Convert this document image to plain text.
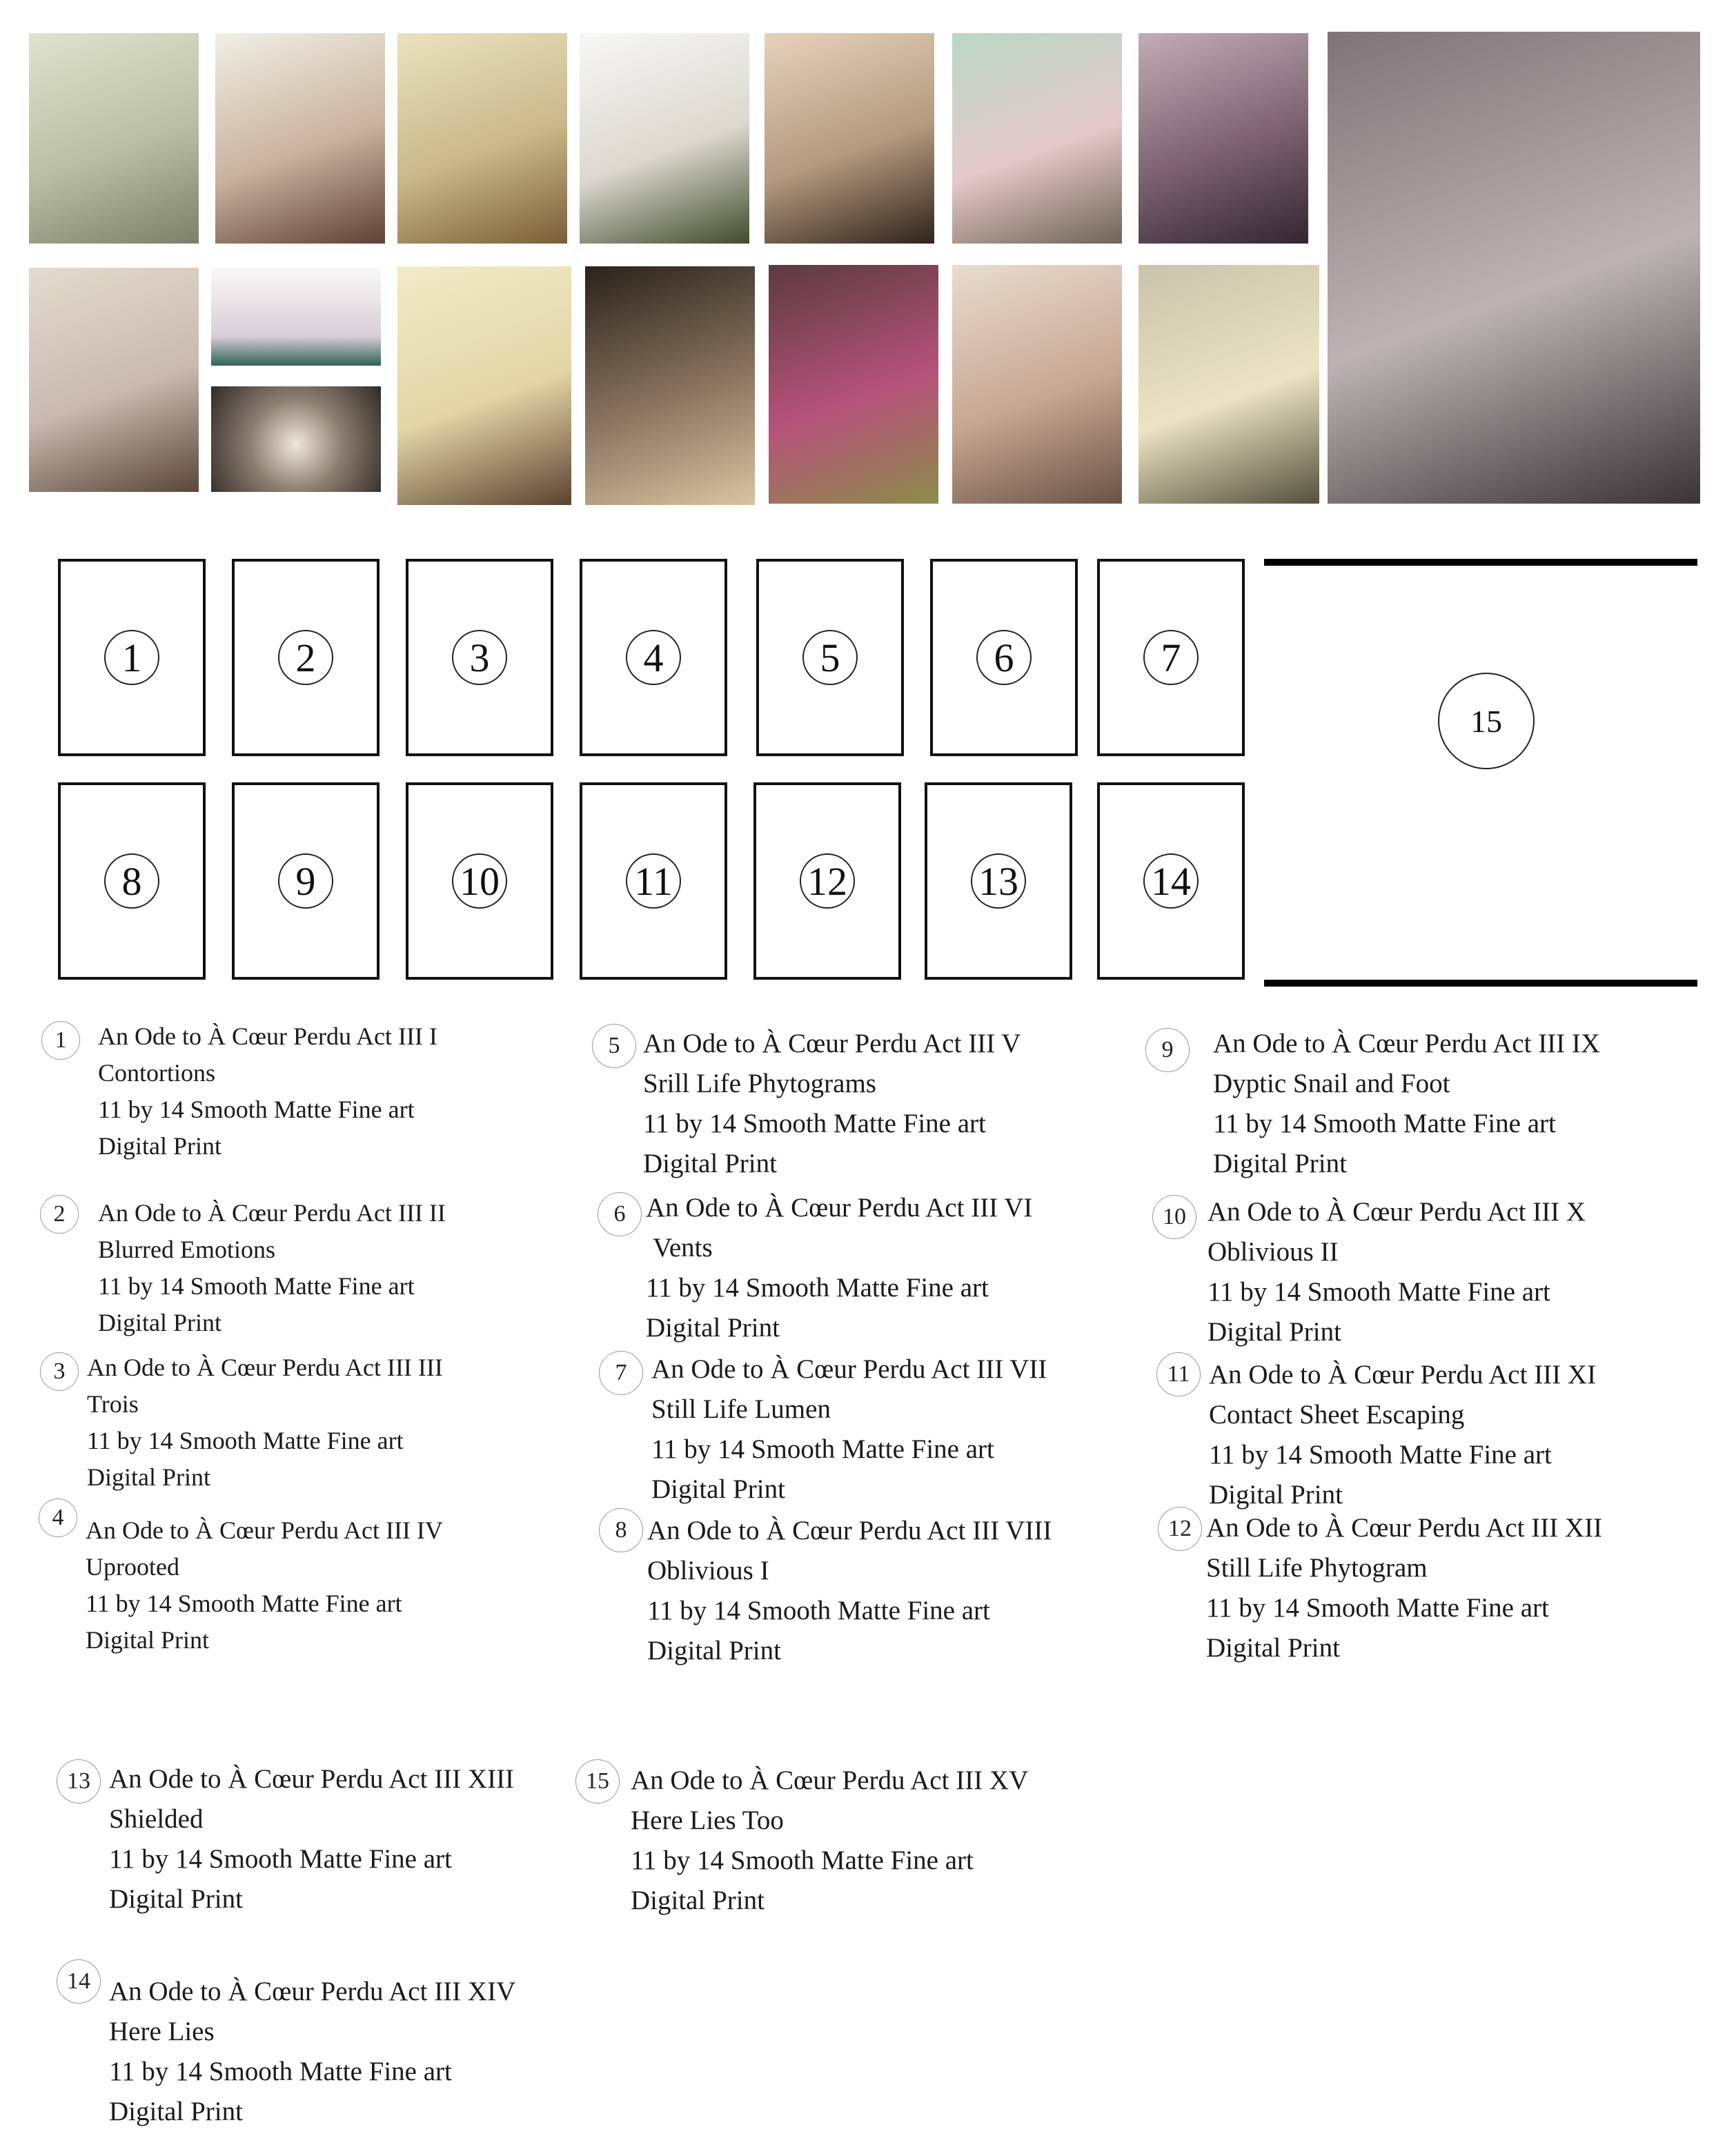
1	2	3	4	5	6	7
8	9	10	11	12	13	14
15
1	An Ode to À Cœur Perdu Act III I
Contortions
11 by 14 Smooth Matte Fine art
Digital Print
2	An Ode to À Cœur Perdu Act III II
Blurred Emotions
11 by 14 Smooth Matte Fine art
Digital Print
3 An Ode to À Cœur Perdu Act III III
Trois
11 by 14 Smooth Matte Fine art
Digital Print
4 An Ode to À Cœur Perdu Act III IV
Uprooted
11 by 14 Smooth Matte Fine art
Digital Print
5 An Ode to À Cœur Perdu Act III V
Srill Life Phytograms
11 by 14 Smooth Matte Fine art
Digital Print
6 An Ode to À Cœur Perdu Act III VI
Vents
11 by 14 Smooth Matte Fine art
Digital Print
7 An Ode to À Cœur Perdu Act III VII
Still Life Lumen
11 by 14 Smooth Matte Fine art
Digital Print
8 An Ode to À Cœur Perdu Act III VIII
Oblivious I
11 by 14 Smooth Matte Fine art
Digital Print
9	An Ode to À Cœur Perdu Act III IX
Dyptic Snail and Foot
11 by 14 Smooth Matte Fine art
Digital Print
10 An Ode to À Cœur Perdu Act III X
Oblivious II
11 by 14 Smooth Matte Fine art
Digital Print
11 An Ode to À Cœur Perdu Act III XI
Contact Sheet Escaping
11 by 14 Smooth Matte Fine art
Digital Print
12 An Ode to À Cœur Perdu Act III XII
Still Life Phytogram
11 by 14 Smooth Matte Fine art
Digital Print
13 An Ode to À Cœur Perdu Act III XIII
Shielded
11 by 14 Smooth Matte Fine art
Digital Print
14 An Ode to À Cœur Perdu Act III XIV
Here Lies
11 by 14 Smooth Matte Fine art
Digital Print
15 An Ode to À Cœur Perdu Act III XV
Here Lies Too
11 by 14 Smooth Matte Fine art
Digital Print
